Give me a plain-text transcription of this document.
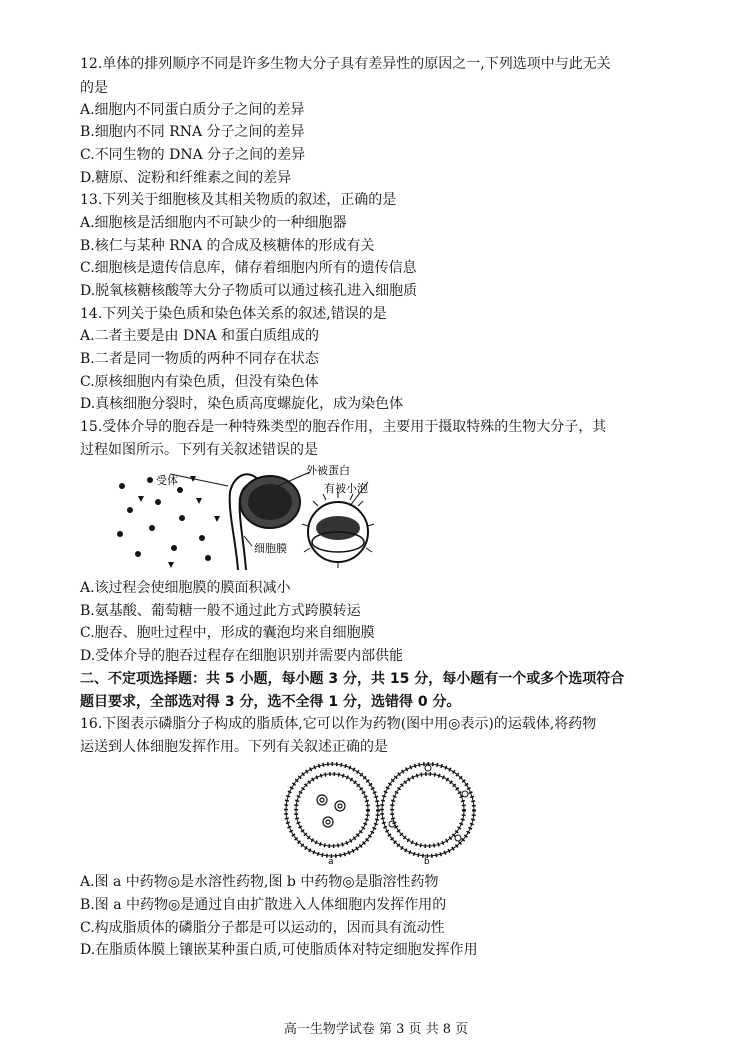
12.单体的排列顺序不同是许多生物大分子具有差异性的原因之一,下列选项中与此无关
的是
A.细胞内不同蛋白质分子之间的差异
B.细胞内不同 RNA 分子之间的差异
C.不同生物的 DNA 分子之间的差异
D.糖原、淀粉和纤维素之间的差异
13.下列关于细胞核及其相关物质的叙述，正确的是
A.细胞核是活细胞内不可缺少的一种细胞器
B.核仁与某种 RNA 的合成及核糖体的形成有关
C.细胞核是遗传信息库，储存着细胞内所有的遗传信息
D.脱氧核糖核酸等大分子物质可以通过核孔进入细胞质
14.下列关于染色质和染色体关系的叙述,错误的是
A.二者主要是由 DNA 和蛋白质组成的
B.二者是同一物质的两种不同存在状态
C.原核细胞内有染色质，但没有染色体
D.真核细胞分裂时，染色质高度螺旋化，成为染色体
15.受体介导的胞吞是一种特殊类型的胞吞作用，主要用于摄取特殊的生物大分子，其
过程如图所示。下列有关叙述错误的是
受体
外被蛋白
有被小泡
细胞膜
A.该过程会使细胞膜的膜面积减小
B.氨基酸、葡萄糖一般不通过此方式跨膜转运
C.胞吞、胞吐过程中，形成的囊泡均来自细胞膜
D.受体介导的胞吞过程存在细胞识别并需要内部供能
二、不定项选择题：共 5 小题，每小题 3 分，共 15 分，每小题有一个或多个选项符合
题目要求，全部选对得 3 分，选不全得 1 分，选错得 0 分。
16.下图表示磷脂分子构成的脂质体,它可以作为药物(图中用◎表示)的运载体,将药物
运送到人体细胞发挥作用。下列有关叙述正确的是
a	b
A.图 a 中药物◎是水溶性药物,图 b 中药物◎是脂溶性药物
B.图 a 中药物◎是通过自由扩散进入人体细胞内发挥作用的
C.构成脂质体的磷脂分子都是可以运动的，因而具有流动性
D.在脂质体膜上镶嵌某种蛋白质,可使脂质体对特定细胞发挥作用
高一生物学试卷 第 3 页 共 8 页
